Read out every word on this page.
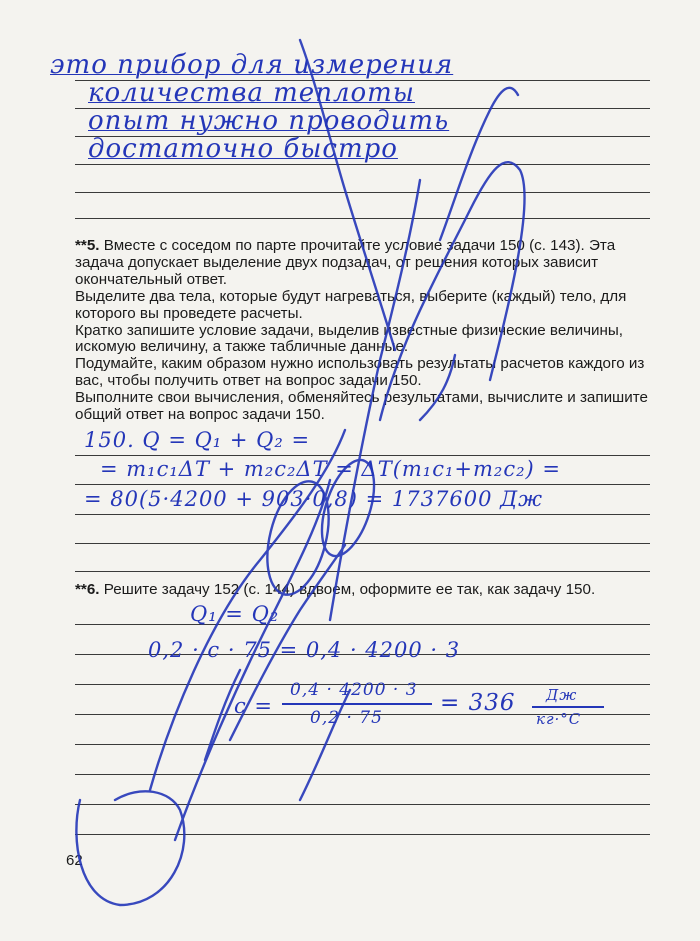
это прибор для измерения
количества теплоты
опыт нужно проводить
достаточно быстро

**5. Вместе с соседом по парте прочитайте условие задачи 150 (с. 143). Эта задача допускает выделение двух подзадач, от решения которых зависит окончательный ответ.

Выделите два тела, которые будут нагреваться, выберите (каждый) тело, для которого вы проведете расчеты.

Кратко запишите условие задачи, выделив известные физические величины, искомую величину, а также табличные данные.

Подумайте, каким образом нужно использовать результаты расчетов каждого из вас, чтобы получить ответ на вопрос задачи 150.

Выполните свои вычисления, обменяйтесь результатами, вычислите и запишите общий ответ на вопрос задачи 150.

150. Q = Q₁ + Q₂ =
= m₁c₁ΔT + m₂c₂ΔT = ΔT(m₁c₁+m₂c₂) =
= 80(5·4200 + 903·0,8) = 1737600 Дж

**6. Решите задачу 152 (с. 144) вдвоем, оформите ее так, как задачу 150.

Q₁ = Q₂
0,2 · c · 75 = 0,4 · 4200 · 3
c =
0,4 · 4200 · 3
0,2 · 75
= 336 Дж
кг·°C
62
